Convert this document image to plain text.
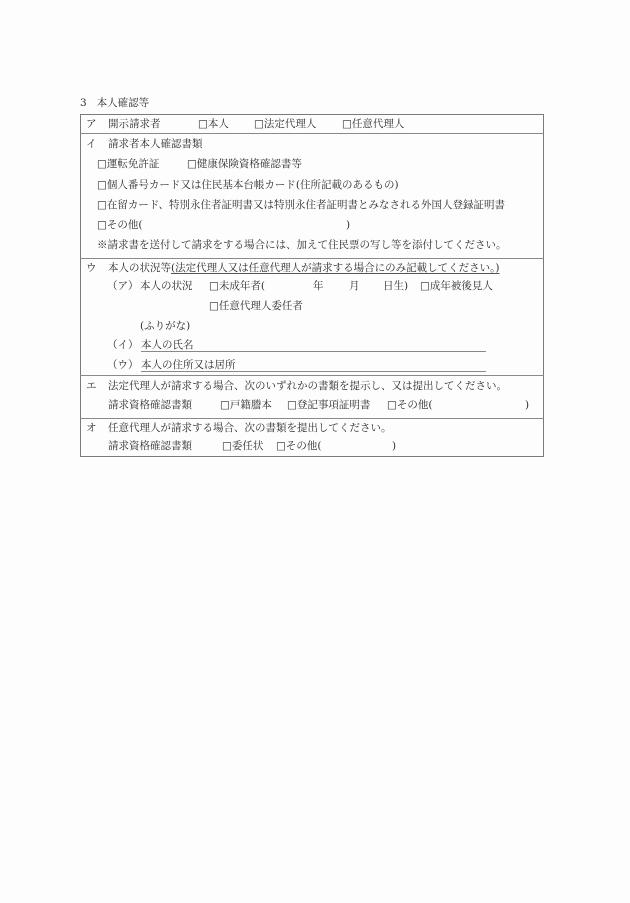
3 本人確認等
ア 開示請求者	□本人 □法定代理人 □任意代理人
イ 請求者本人確認書類
□運転免許証	□健康保険資格確認書等
□個人番号カード又は住民基本台帳カード(住所記載のあるもの)
□在留カード、特別永住者証明書又は特別永住者証明書とみなされる外国人登録証明書
□その他(	)
※請求書を送付して請求をする場合には、加えて住民票の写し等を添付してください。
ウ 本人の状況等(法定代理人又は任意代理人が請求する場合にのみ記載してください。)
（ア） 本人の状況 □未成年者(	年 月 日生) □成年被後見人
□任意代理人委任者
(ふりがな)
（イ） 本人の氏名
（ウ） 本人の住所又は居所
エ 法定代理人が請求する場合、次のいずれかの書類を提示し、又は提出してください。
請求資格確認書類	□戸籍謄本 □登記事項証明書 □その他(	)
オ 任意代理人が請求する場合、次の書類を提出してください。
請求資格確認書類	□委任状 □その他(	)
